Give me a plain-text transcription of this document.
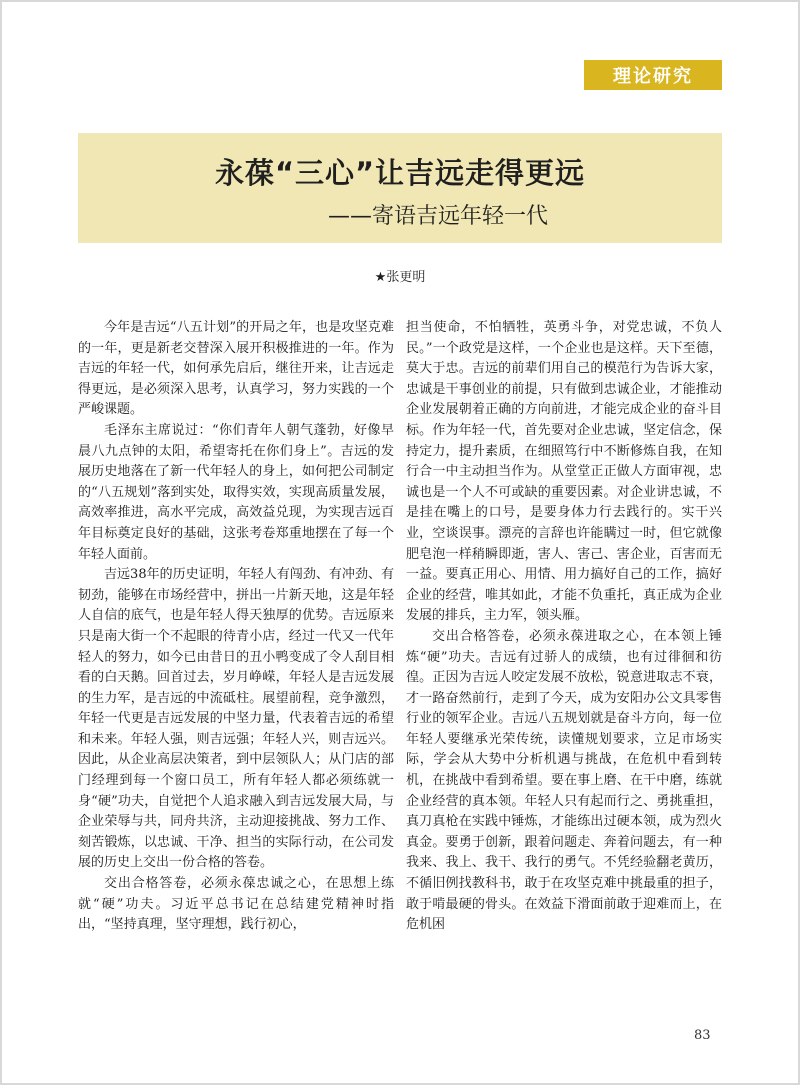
理论研究
永葆“三心”让吉远走得更远
——寄语吉远年轻一代
★张更明

今年是吉远“八五计划”的开局之年，也是攻坚克难的一年，更是新老交替深入展开积极推进的一年。作为吉远的年轻一代，如何承先启后，继往开来，让吉远走得更远，是必须深入思考，认真学习，努力实践的一个严峻课题。

毛泽东主席说过：“你们青年人朝气蓬勃，好像早晨八九点钟的太阳，希望寄托在你们身上”。吉远的发展历史地落在了新一代年轻人的身上，如何把公司制定的“八五规划”落到实处，取得实效，实现高质量发展，高效率推进，高水平完成，高效益兑现，为实现吉远百年目标奠定良好的基础，这张考卷郑重地摆在了每一个年轻人面前。

吉远38年的历史证明，年轻人有闯劲、有冲劲、有韧劲，能够在市场经营中，拼出一片新天地，这是年轻人自信的底气，也是年轻人得天独厚的优势。吉远原来只是南大街一个不起眼的待青小店，经过一代又一代年轻人的努力，如今已由昔日的丑小鸭变成了令人刮目相看的白天鹅。回首过去，岁月峥嵘，年轻人是吉远发展的生力军，是吉远的中流砥柱。展望前程，竞争激烈，年轻一代更是吉远发展的中坚力量，代表着吉远的希望和未来。年轻人强，则吉远强；年轻人兴，则吉远兴。因此，从企业高层决策者，到中层领队人；从门店的部门经理到每一个窗口员工，所有年轻人都必须练就一身“硬”功夫，自觉把个人追求融入到吉远发展大局，与企业荣辱与共，同舟共济，主动迎接挑战、努力工作、刻苦锻炼，以忠诚、干净、担当的实际行动，在公司发展的历史上交出一份合格的答卷。

交出合格答卷，必须永葆忠诚之心，在思想上练就“硬”功夫。习近平总书记在总结建党精神时指出，“坚持真理，坚守理想，践行初心，

担当使命，不怕牺牲，英勇斗争，对党忠诚，不负人民。”一个政党是这样，一个企业也是这样。天下至德，莫大于忠。吉远的前辈们用自己的模范行为告诉大家，忠诚是干事创业的前提，只有做到忠诚企业，才能推动企业发展朝着正确的方向前进，才能完成企业的奋斗目标。作为年轻一代，首先要对企业忠诚，坚定信念，保持定力，提升素质，在细照笃行中不断修炼自我，在知行合一中主动担当作为。从堂堂正正做人方面审视，忠诚也是一个人不可或缺的重要因素。对企业讲忠诚，不是挂在嘴上的口号，是要身体力行去践行的。实干兴业，空谈误事。漂亮的言辞也许能瞒过一时，但它就像肥皂泡一样稍瞬即逝，害人、害己、害企业，百害而无一益。要真正用心、用情、用力搞好自己的工作，搞好企业的经营，唯其如此，才能不负重托，真正成为企业发展的排兵，主力军，领头雁。

交出合格答卷，必须永葆进取之心，在本领上锤炼“硬”功夫。吉远有过骄人的成绩，也有过徘徊和彷徨。正因为吉远人咬定发展不放松，锐意进取志不衰，才一路奋然前行，走到了今天，成为安阳办公文具零售行业的领军企业。吉远八五规划就是奋斗方向，每一位年轻人要继承光荣传统，读懂规划要求，立足市场实际，学会从大势中分析机遇与挑战，在危机中看到转机，在挑战中看到希望。要在事上磨、在干中磨，练就企业经营的真本领。年轻人只有起而行之、勇挑重担，真刀真枪在实践中锤炼，才能练出过硬本领，成为烈火真金。要勇于创新，跟着问题走、奔着问题去，有一种我来、我上、我干、我行的勇气。不凭经验翻老黄历，不循旧例找教科书，敢于在攻坚克难中挑最重的担子，敢于啃最硬的骨头。在效益下滑面前敢于迎难而上，在危机困

83
